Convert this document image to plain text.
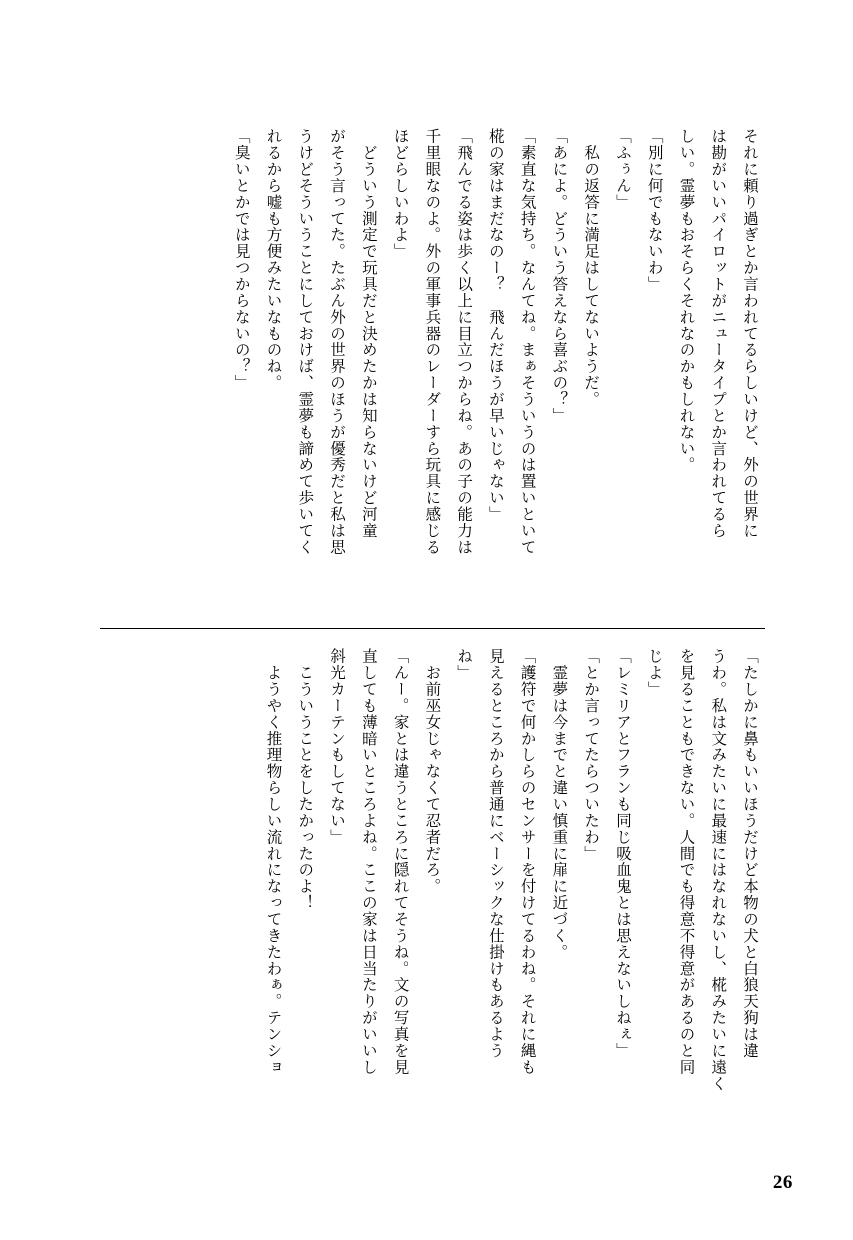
それに頼り過ぎとか言われてるらしいけど、外の世界に

は勘がいいパイロットがニュータイプとか言われてるら

しい。霊夢もおそらくそれなのかもしれない。

「別に何でもないわ」

「ふぅん」

　私の返答に満足はしてないようだ。

「あによ。どういう答えなら喜ぶの？」

「素直な気持ち。なんてね。まぁそういうのは置いといて

椛の家はまだなのー？　飛んだほうが早いじゃない」

「飛んでる姿は歩く以上に目立つからね。あの子の能力は

千里眼なのよ。外の軍事兵器のレーダーすら玩具に感じる

ほどらしいわよ」

　どういう測定で玩具だと決めたかは知らないけど河童

がそう言ってた。たぶん外の世界のほうが優秀だと私は思

うけどそういうことにしておけば、霊夢も諦めて歩いてく

れるから嘘も方便みたいなものね。

「臭いとかでは見つからないの？」

「たしかに鼻もいいほうだけど本物の犬と白狼天狗は違

うわ。私は文みたいに最速にはなれないし、椛みたいに遠く

を見ることもできない。人間でも得意不得意があるのと同

じよ」

「レミリアとフランも同じ吸血鬼とは思えないしねぇ」

「とか言ってたらついたわ」

　霊夢は今までと違い慎重に扉に近づく。

「護符で何かしらのセンサーを付けてるわね。それに縄も

見えるところから普通にベーシックな仕掛けもあるよう

ね」

　お前巫女じゃなくて忍者だろ。

「んー。家とは違うところに隠れてそうね。文の写真を見

直しても薄暗いところよね。ここの家は日当たりがいいし

斜光カーテンもしてない」

　こういうことをしたかったのよ！

　ようやく推理物らしい流れになってきたわぁ。テンショ

26
